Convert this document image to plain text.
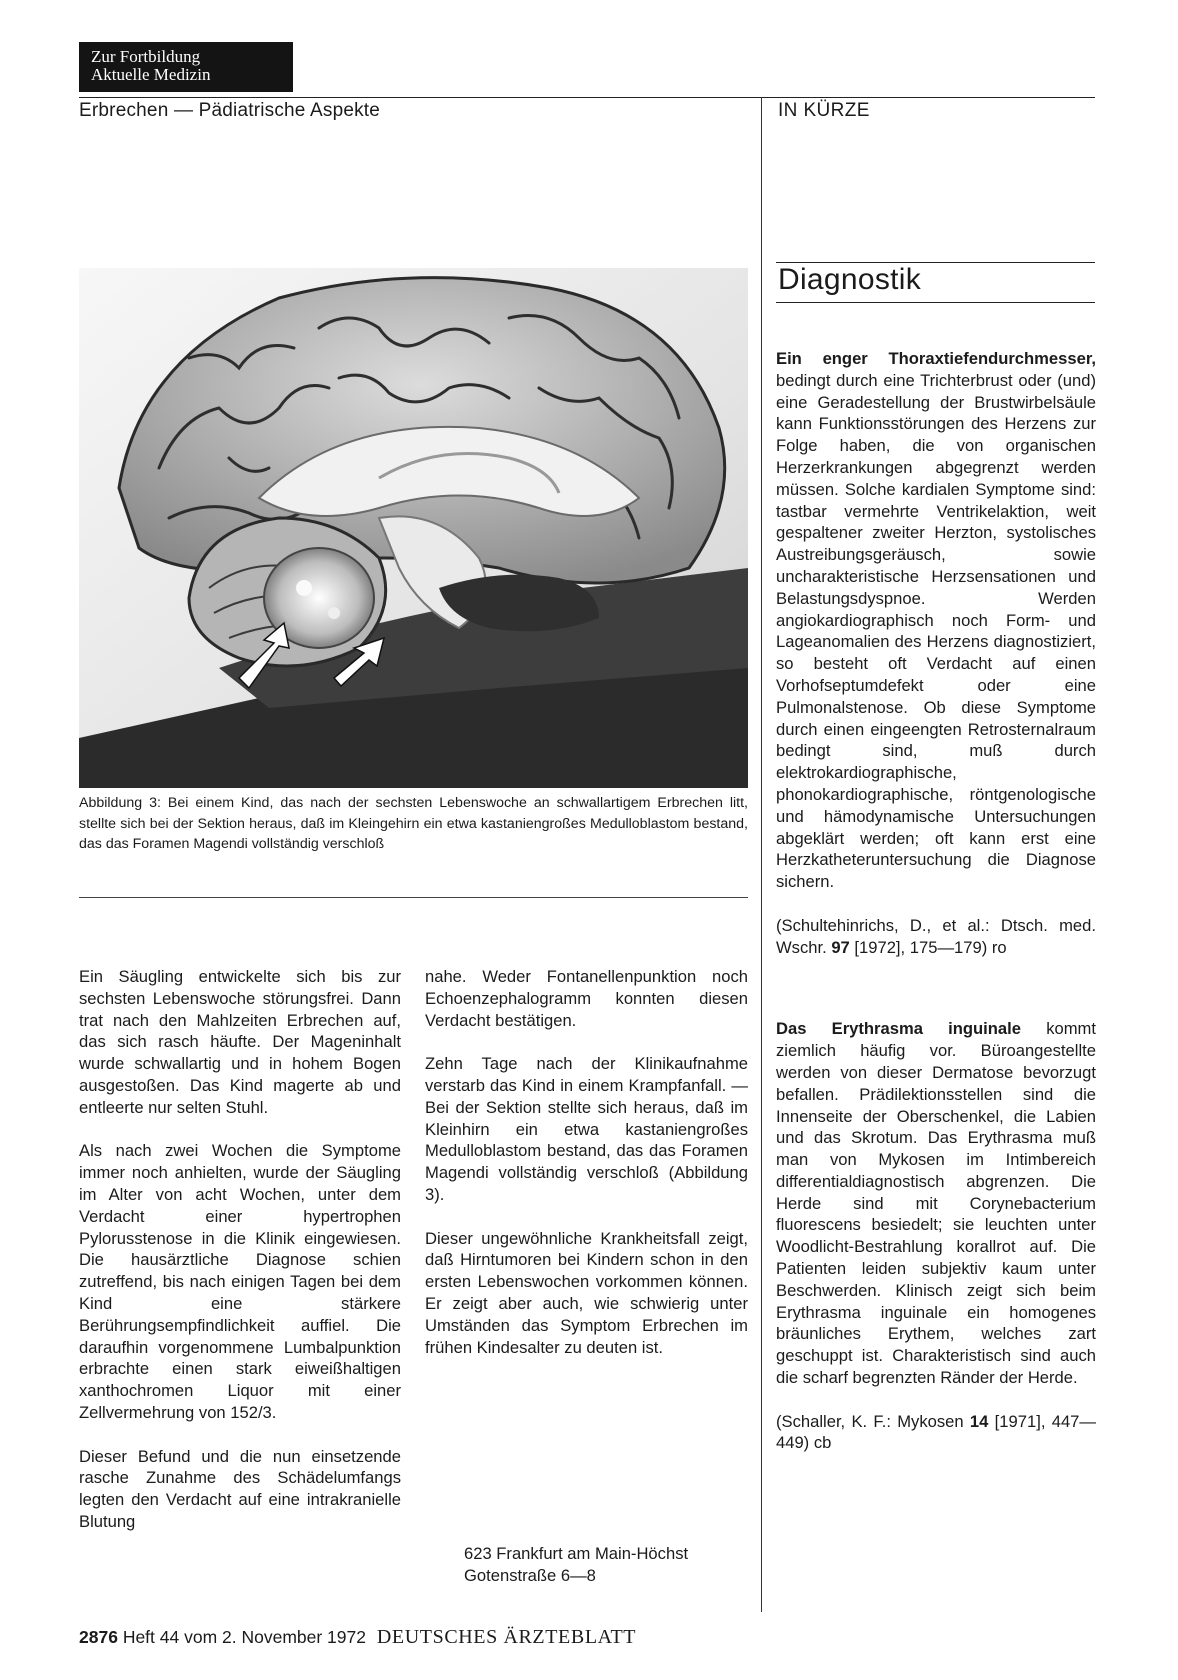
Zur Fortbildung
Aktuelle Medizin
Erbrechen — Pädiatrische Aspekte	IN KÜRZE
Diagnostik
Abbildung 3: Bei einem Kind, das nach der sechsten Lebenswoche an schwallartigem Erbrechen litt, stellte sich bei der Sektion heraus, daß im Kleingehirn ein etwa kastaniengroßes Medulloblastom bestand, das das Foramen Magendi vollständig verschloß

Ein Säugling entwickelte sich bis zur sechsten Lebenswoche störungsfrei. Dann trat nach den Mahlzeiten Erbrechen auf, das sich rasch häufte. Der Mageninhalt wurde schwallartig und in hohem Bogen ausgestoßen. Das Kind magerte ab und entleerte nur selten Stuhl.

Als nach zwei Wochen die Symptome immer noch anhielten, wurde der Säugling im Alter von acht Wochen, unter dem Verdacht einer hypertrophen Pylorusstenose in die Klinik eingewiesen. Die hausärztliche Diagnose schien zutreffend, bis nach einigen Tagen bei dem Kind eine stärkere Berührungsempfindlichkeit auffiel. Die daraufhin vorgenommene Lumbalpunktion erbrachte einen stark eiweißhaltigen xanthochromen Liquor mit einer Zellvermehrung von 152/3.

Dieser Befund und die nun einsetzende rasche Zunahme des Schädelumfangs legten den Verdacht auf eine intrakranielle Blutung

nahe. Weder Fontanellenpunktion noch Echoenzephalogramm konnten diesen Verdacht bestätigen.

Zehn Tage nach der Klinikaufnahme verstarb das Kind in einem Krampfanfall. — Bei der Sektion stellte sich heraus, daß im Kleinhirn ein etwa kastaniengroßes Medulloblastom bestand, das das Foramen Magendi vollständig verschloß (Abbildung 3).

Dieser ungewöhnliche Krankheitsfall zeigt, daß Hirntumoren bei Kindern schon in den ersten Lebenswochen vorkommen können. Er zeigt aber auch, wie schwierig unter Umständen das Symptom Erbrechen im frühen Kindesalter zu deuten ist.

623 Frankfurt am Main-Höchst
Gotenstraße 6—8

Ein enger Thoraxtiefendurchmesser, bedingt durch eine Trichterbrust oder (und) eine Geradestellung der Brustwirbelsäule kann Funktionsstörungen des Herzens zur Folge haben, die von organischen Herzerkrankungen abgegrenzt werden müssen. Solche kardialen Symptome sind: tastbar vermehrte Ventrikelaktion, weit gespaltener zweiter Herzton, systolisches Austreibungsgeräusch, sowie uncharakteristische Herzsensationen und Belastungsdyspnoe. Werden angiokardiographisch noch Form- und Lageanomalien des Herzens diagnostiziert, so besteht oft Verdacht auf einen Vorhofseptumdefekt oder eine Pulmonalstenose. Ob diese Symptome durch einen eingeengten Retrosternalraum bedingt sind, muß durch elektrokardiographische, phonokardiographische, röntgenologische und hämodynamische Untersuchungen abgeklärt werden; oft kann erst eine Herzkatheteruntersuchung die Diagnose sichern.

(Schultehinrichs, D., et al.: Dtsch. med. Wschr. 97 [1972], 175—179) ro

Das Erythrasma inguinale kommt ziemlich häufig vor. Büroangestellte werden von dieser Dermatose bevorzugt befallen. Prädilektionsstellen sind die Innenseite der Oberschenkel, die Labien und das Skrotum. Das Erythrasma muß man von Mykosen im Intimbereich differentialdiagnostisch abgrenzen. Die Herde sind mit Corynebacterium fluorescens besiedelt; sie leuchten unter Woodlicht-Bestrahlung korallrot auf. Die Patienten leiden subjektiv kaum unter Beschwerden. Klinisch zeigt sich beim Erythrasma inguinale ein homogenes bräunliches Erythem, welches zart geschuppt ist. Charakteristisch sind auch die scharf begrenzten Ränder der Herde.

(Schaller, K. F.: Mykosen 14 [1971], 447—449) cb

2876 Heft 44 vom 2. November 1972 DEUTSCHES ÄRZTEBLATT
